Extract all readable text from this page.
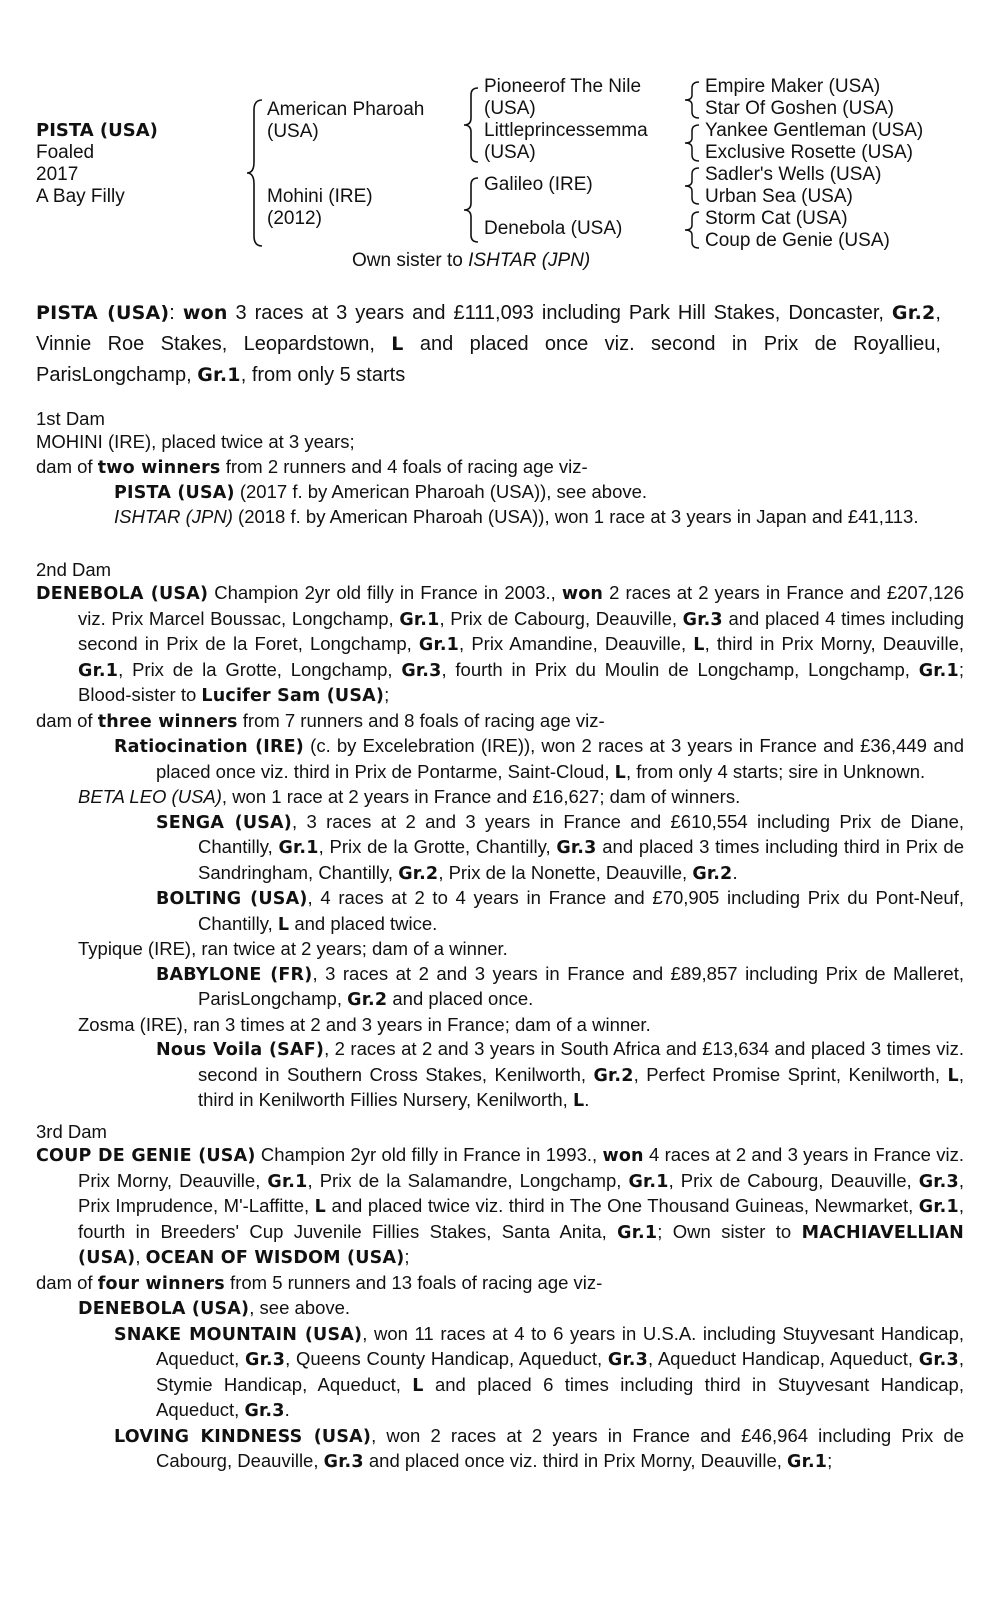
PISTA (USA)
Foaled
2017
A Bay Filly
American Pharoah
(USA)
Mohini (IRE)
(2012)
Pioneerof The Nile
(USA)
Littleprincessemma
(USA)
Galileo (IRE)
Denebola (USA)
Empire Maker (USA)
Star Of Goshen (USA)
Yankee Gentleman (USA)
Exclusive Rosette (USA)
Sadler's Wells (USA)
Urban Sea (USA)
Storm Cat (USA)
Coup de Genie (USA)
Own sister to ISHTAR (JPN)
PISTA (USA): won 3 races at 3 years and £111,093 including Park Hill Stakes, Doncaster, Gr.2, Vinnie Roe Stakes, Leopardstown, L and placed once viz. second in Prix de Royallieu, ParisLongchamp, Gr.1, from only 5 starts
1st Dam
MOHINI (IRE), placed twice at 3 years;
dam of two winners from 2 runners and 4 foals of racing age viz-
PISTA (USA) (2017 f. by American Pharoah (USA)), see above.
ISHTAR (JPN) (2018 f. by American Pharoah (USA)), won 1 race at 3 years in Japan and £41,113.
2nd Dam
DENEBOLA (USA) Champion 2yr old filly in France in 2003., won 2 races at 2 years in France and £207,126 viz. Prix Marcel Boussac, Longchamp, Gr.1, Prix de Cabourg, Deauville, Gr.3 and placed 4 times including second in Prix de la Foret, Longchamp, Gr.1, Prix Amandine, Deauville, L, third in Prix Morny, Deauville, Gr.1, Prix de la Grotte, Longchamp, Gr.3, fourth in Prix du Moulin de Longchamp, Longchamp, Gr.1; Blood-sister to Lucifer Sam (USA);
dam of three winners from 7 runners and 8 foals of racing age viz-
Ratiocination (IRE) (c. by Excelebration (IRE)), won 2 races at 3 years in France and £36,449 and placed once viz. third in Prix de Pontarme, Saint-Cloud, L, from only 4 starts; sire in Unknown.
BETA LEO (USA), won 1 race at 2 years in France and £16,627; dam of winners.
SENGA (USA), 3 races at 2 and 3 years in France and £610,554 including Prix de Diane, Chantilly, Gr.1, Prix de la Grotte, Chantilly, Gr.3 and placed 3 times including third in Prix de Sandringham, Chantilly, Gr.2, Prix de la Nonette, Deauville, Gr.2.
BOLTING (USA), 4 races at 2 to 4 years in France and £70,905 including Prix du Pont-Neuf, Chantilly, L and placed twice.
Typique (IRE), ran twice at 2 years; dam of a winner.
BABYLONE (FR), 3 races at 2 and 3 years in France and £89,857 including Prix de Malleret, ParisLongchamp, Gr.2 and placed once.
Zosma (IRE), ran 3 times at 2 and 3 years in France; dam of a winner.
Nous Voila (SAF), 2 races at 2 and 3 years in South Africa and £13,634 and placed 3 times viz. second in Southern Cross Stakes, Kenilworth, Gr.2, Perfect Promise Sprint, Kenilworth, L, third in Kenilworth Fillies Nursery, Kenilworth, L.
3rd Dam
COUP DE GENIE (USA) Champion 2yr old filly in France in 1993., won 4 races at 2 and 3 years in France viz. Prix Morny, Deauville, Gr.1, Prix de la Salamandre, Longchamp, Gr.1, Prix de Cabourg, Deauville, Gr.3, Prix Imprudence, M'-Laffitte, L and placed twice viz. third in The One Thousand Guineas, Newmarket, Gr.1, fourth in Breeders' Cup Juvenile Fillies Stakes, Santa Anita, Gr.1; Own sister to MACHIAVELLIAN (USA), OCEAN OF WISDOM (USA);
dam of four winners from 5 runners and 13 foals of racing age viz-
DENEBOLA (USA), see above.
SNAKE MOUNTAIN (USA), won 11 races at 4 to 6 years in U.S.A. including Stuyvesant Handicap, Aqueduct, Gr.3, Queens County Handicap, Aqueduct, Gr.3, Aqueduct Handicap, Aqueduct, Gr.3, Stymie Handicap, Aqueduct, L and placed 6 times including third in Stuyvesant Handicap, Aqueduct, Gr.3.
LOVING KINDNESS (USA), won 2 races at 2 years in France and £46,964 including Prix de Cabourg, Deauville, Gr.3 and placed once viz. third in Prix Morny, Deauville, Gr.1;
